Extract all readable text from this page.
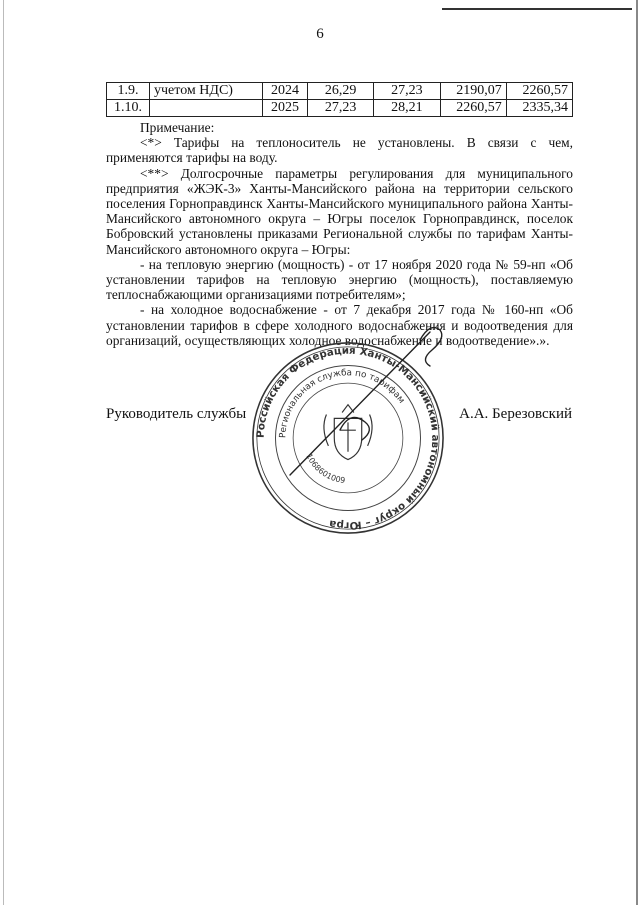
6
1.9.	учетом НДС)	2024	26,29	27,23	2190,07	2260,57
1.10.		2025	27,23	28,21	2260,57	2335,34

Примечание:

<*> Тарифы на теплоноситель не установлены. В связи с чем, применяются тарифы на воду.

<**> Долгосрочные параметры регулирования для муниципального предприятия «ЖЭК-3» Ханты-Мансийского района на территории сельского поселения Горноправдинск Ханты-Мансийского муниципального района Ханты-Мансийского автономного округа – Югры поселок Горноправдинск, поселок Бобровский установлены приказами Региональной службы по тарифам Ханты-Мансийского автономного округа – Югры:

- на тепловую энергию (мощность) - от 17 ноября 2020 года № 59-нп «Об установлении тарифов на тепловую энергию (мощность), поставляемую теплоснабжающими организациями потребителям»;

- на холодное водоснабжение - от 7 декабря 2017 года № 160-нп «Об установлении тарифов в сфере холодного водоснабжения и водоотведения для организаций, осуществляющих холодное водоснабжение и водоотведение».».

Российская Федерация Ханты-Мансийский автономный округ – Югра
Региональная служба по тарифам
1068601009
Руководитель службы	А.А. Березовский
